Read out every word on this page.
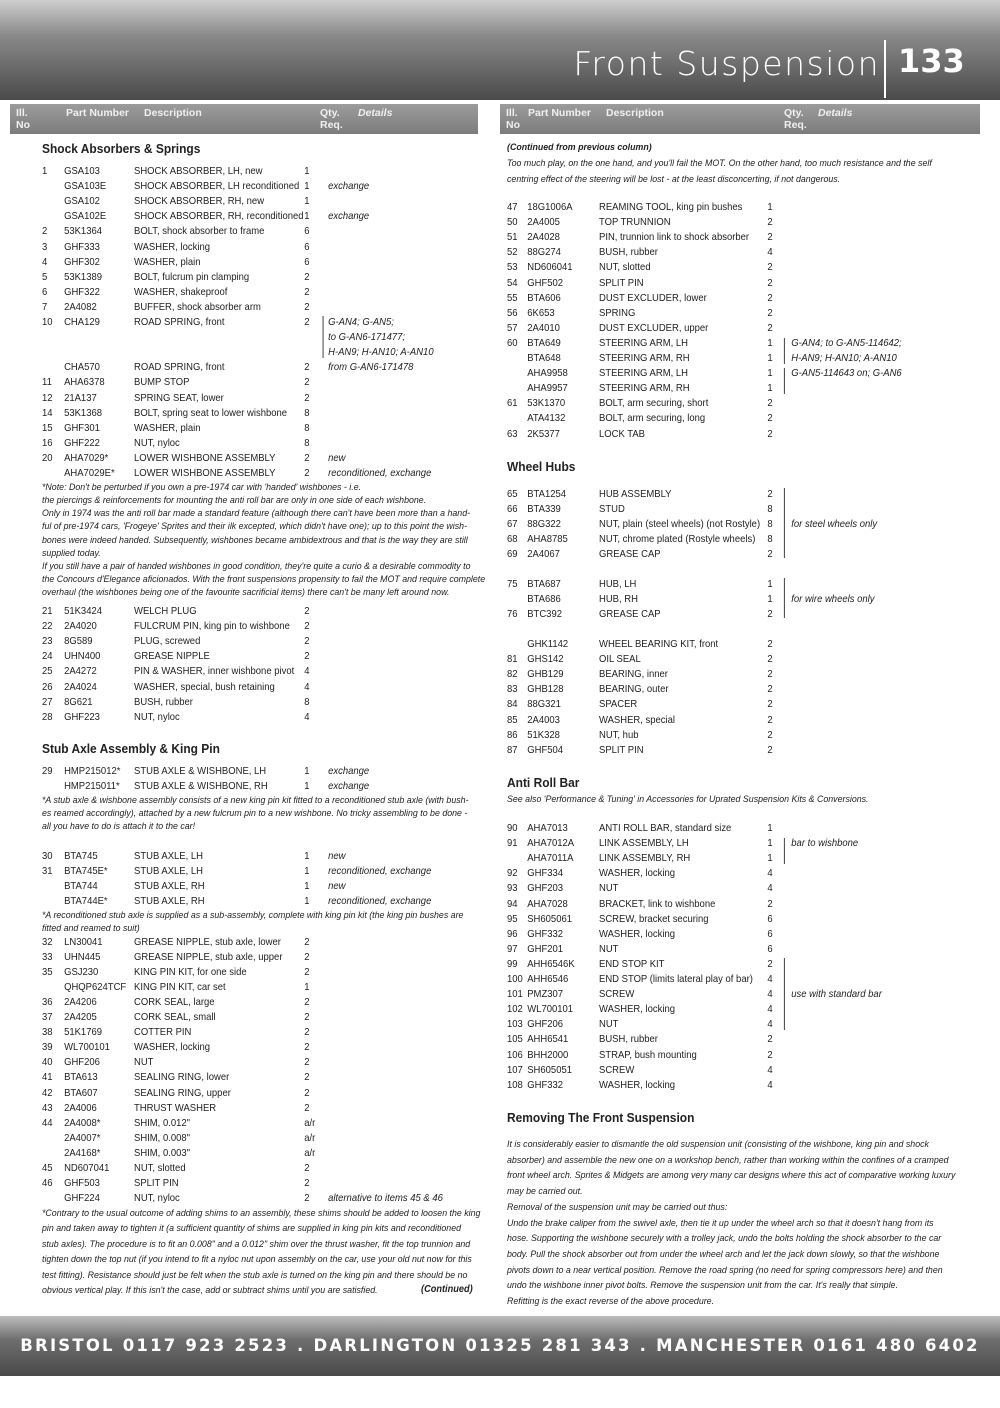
Front Suspension 133
Ill.
No
Part Number Description	Qty.
Req.
Details	Ill.
No
Part Number Description	Qty.
Req.
Details
Shock Absorbers & Springs
1 GSA103	SHOCK ABSORBER, LH, new	1
GSA103E	SHOCK ABSORBER, LH reconditioned 1 exchange
GSA102	SHOCK ABSORBER, RH, new	1
GSA102E	SHOCK ABSORBER, RH, reconditioned 1 exchange
2 53K1364	BOLT, shock absorber to frame	6
3 GHF333	WASHER, locking	6
4 GHF302	WASHER, plain	6
5 53K1389	BOLT, fulcrum pin clamping	2
6 GHF322	WASHER, shakeproof	2
7 2A4082	BUFFER, shock absorber arm	2
10 CHA129	ROAD SPRING, front	2 G-AN4; G-AN5;
to G-AN6-171477;
H-AN9; H-AN10; A-AN10
CHA570	ROAD SPRING, front	2 from G-AN6-171478
11 AHA6378	BUMP STOP	2
12 21A137	SPRING SEAT, lower	2
14 53K1368	BOLT, spring seat to lower wishbone 8
15 GHF301	WASHER, plain	8
16 GHF222	NUT, nyloc	8
20 AHA7029* LOWER WISHBONE ASSEMBLY	2 new
AHA7029E* LOWER WISHBONE ASSEMBLY	2 reconditioned, exchange
*Note: Don't be perturbed if you own a pre-1974 car with 'handed' wishbones - i.e.
the piercings & reinforcements for mounting the anti roll bar are only in one side of each wishbone.
Only in 1974 was the anti roll bar made a standard feature (although there can't have been more than a hand-
ful of pre-1974 cars, 'Frogeye' Sprites and their ilk excepted, which didn't have one); up to this point the wish-
bones were indeed handed. Subsequently, wishbones became ambidextrous and that is the way they are still
supplied today.
If you still have a pair of handed wishbones in good condition, they're quite a curio & a desirable commodity to
the Concours d'Elegance aficionados. With the front suspensions propensity to fail the MOT and require complete
overhaul (the wishbones being one of the favourite sacrificial items) there can't be many left around now.
21 51K3424	WELCH PLUG	2
22 2A4020	FULCRUM PIN, king pin to wishbone 2
23 8G589	PLUG, screwed	2
24 UHN400	GREASE NIPPLE	2
25 2A4272	PIN & WASHER, inner wishbone pivot 4
26 2A4024	WASHER, special, bush retaining	4
27 8G621	BUSH, rubber	8
28 GHF223	NUT, nyloc	4
Stub Axle Assembly & King Pin
29 HMP215012* STUB AXLE & WISHBONE, LH	1 exchange
HMP215011* STUB AXLE & WISHBONE, RH	1 exchange
*A stub axle & wishbone assembly consists of a new king pin kit fitted to a reconditioned stub axle (with bush-
es reamed accordingly), attached by a new fulcrum pin to a new wishbone. No tricky assembling to be done -
all you have to do is attach it to the car!
30 BTA745	STUB AXLE, LH	1 new
31 BTA745E*	STUB AXLE, LH	1 reconditioned, exchange
BTA744	STUB AXLE, RH	1 new
BTA744E*	STUB AXLE, RH	1 reconditioned, exchange
*A reconditioned stub axle is supplied as a sub-assembly, complete with king pin kit (the king pin bushes are
fitted and reamed to suit)
32 LN30041	GREASE NIPPLE, stub axle, lower 2
33 UHN445	GREASE NIPPLE, stub axle, upper 2
35 GSJ230	KING PIN KIT, for one side	2
QHQP624TCF KING PIN KIT, car set	1
36 2A4206	CORK SEAL, large	2
37 2A4205	CORK SEAL, small	2
38 51K1769	COTTER PIN	2
39 WL700101 WASHER, locking	2
40 GHF206	NUT	2
41 BTA613	SEALING RING, lower	2
42 BTA607	SEALING RING, upper	2
43 2A4006	THRUST WASHER	2
44 2A4008*	SHIM, 0.012"	a/r
2A4007*	SHIM, 0.008"	a/r
2A4168*	SHIM, 0.003"	a/r
45 ND607041 NUT, slotted	2
46 GHF503	SPLIT PIN	2
GHF224	NUT, nyloc	2 alternative to items 45 & 46
*Contrary to the usual outcome of adding shims to an assembly, these shims should be added to loosen the king
pin and taken away to tighten it (a sufficient quantity of shims are supplied in king pin kits and reconditioned
stub axles). The procedure is to fit an 0.008" and a 0.012" shim over the thrust washer, fit the top trunnion and
tighten down the top nut (if you intend to fit a nyloc nut upon assembly on the car, use your old nut now for this
test fitting). Resistance should just be felt when the stub axle is turned on the king pin and there should be no
obvious vertical play. If this isn't the case, add or subtract shims until you are satisfied.	(Continued)
(Continued from previous column)
Too much play, on the one hand, and you'll fail the MOT. On the other hand, too much resistance and the self
centring effect of the steering will be lost - at the least disconcerting, if not dangerous.
47 18G1006A	REAMING TOOL, king pin bushes 1
50 2A4005	TOP TRUNNION	2
51 2A4028	PIN, trunnion link to shock absorber 2
52 88G274	BUSH, rubber	4
53 ND606041	NUT, slotted	2
54 GHF502	SPLIT PIN	2
55 BTA606	DUST EXCLUDER, lower	2
56 6K653	SPRING	2
57 2A4010	DUST EXCLUDER, upper	2
60 BTA649	STEERING ARM, LH	1 G-AN4; to G-AN5-114642;
BTA648	STEERING ARM, RH	1 H-AN9; H-AN10; A-AN10
AHA9958	STEERING ARM, LH	1 G-AN5-114643 on; G-AN6
AHA9957	STEERING ARM, RH	1
61 53K1370	BOLT, arm securing, short	2
ATA4132	BOLT, arm securing, long	2
63 2K5377	LOCK TAB	2
Wheel Hubs
65 BTA1254	HUB ASSEMBLY	2
66 BTA339	STUD	8
67 88G322	NUT, plain (steel wheels) (not Rostyle) 8 for steel wheels only
68 AHA8785	NUT, chrome plated (Rostyle wheels) 8
69 2A4067	GREASE CAP	2
75 BTA687	HUB, LH	1
BTA686	HUB, RH	1 for wire wheels only
76 BTC392	GREASE CAP	2
GHK1142	WHEEL BEARING KIT, front	2
81 GHS142	OIL SEAL	2
82 GHB129	BEARING, inner	2
83 GHB128	BEARING, outer	2
84 88G321	SPACER	2
85 2A4003	WASHER, special	2
86 51K328	NUT, hub	2
87 GHF504	SPLIT PIN	2
Anti Roll Bar
See also 'Performance & Tuning' in Accessories for Uprated Suspension Kits & Conversions.
90 AHA7013	ANTI ROLL BAR, standard size	1
91 AHA7012A LINK ASSEMBLY, LH	1 bar to wishbone
AHA7011A LINK ASSEMBLY, RH	1
92 GHF334	WASHER, locking	4
93 GHF203	NUT	4
94 AHA7028	BRACKET, link to wishbone	2
95 SH605061	SCREW, bracket securing	6
96 GHF332	WASHER, locking	6
97 GHF201	NUT	6
99 AHH6546K END STOP KIT	2
100 AHH6546	END STOP (limits lateral play of bar) 4
101 PMZ307	SCREW	4 use with standard bar
102 WL700101	WASHER, locking	4
103 GHF206	NUT	4
105 AHH6541	BUSH, rubber	2
106 BHH2000	STRAP, bush mounting	2
107 SH605051	SCREW	4
108 GHF332	WASHER, locking	4
Removing The Front Suspension
It is considerably easier to dismantle the old suspension unit (consisting of the wishbone, king pin and shock
absorber) and assemble the new one on a workshop bench, rather than working within the confines of a cramped
front wheel arch. Sprites & Midgets are among very many car designs where this act of comparative working luxury
may be carried out.
Removal of the suspension unit may be carried out thus:
Undo the brake caliper from the swivel axle, then tie it up under the wheel arch so that it doesn't hang from its
hose. Supporting the wishbone securely with a trolley jack, undo the bolts holding the shock absorber to the car
body. Pull the shock absorber out from under the wheel arch and let the jack down slowly, so that the wishbone
pivots down to a near vertical position. Remove the road spring (no need for spring compressors here) and then
undo the wishbone inner pivot bolts. Remove the suspension unit from the car. It's really that simple.
Refitting is the exact reverse of the above procedure.
BRISTOL 0117 923 2523 . DARLINGTON 01325 281 343 . MANCHESTER 0161 480 6402
